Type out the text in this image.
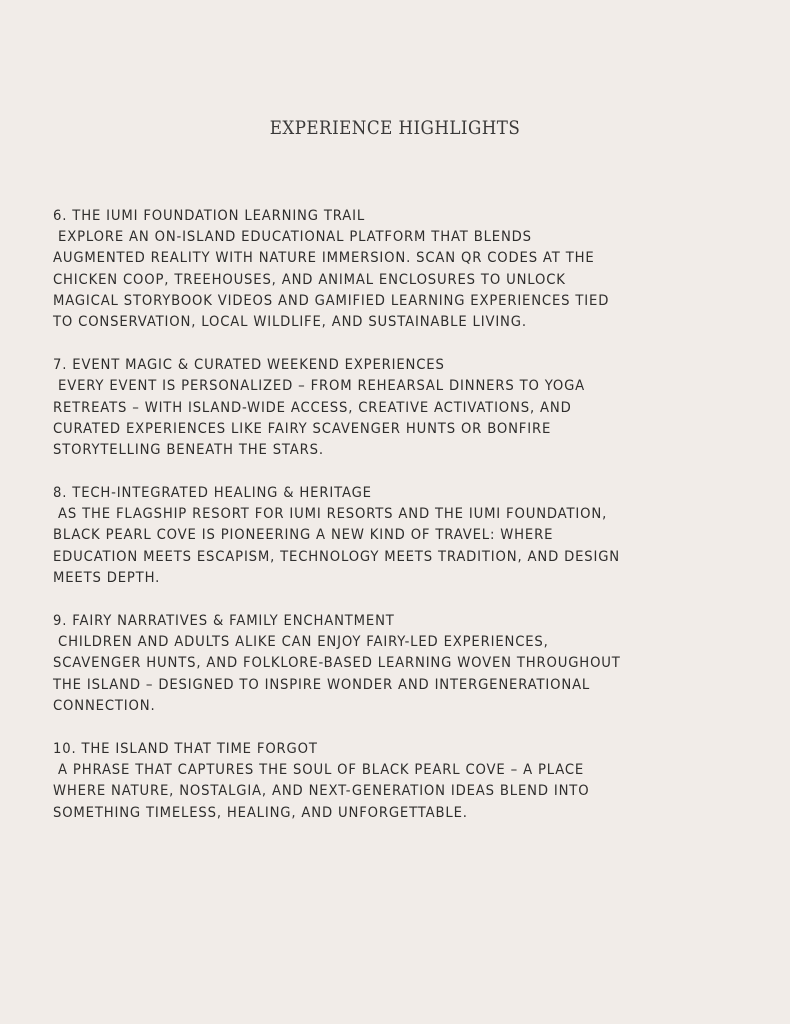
EXPERIENCE HIGHLIGHTS
6. THE IUMI FOUNDATION LEARNING TRAIL
EXPLORE AN ON-ISLAND EDUCATIONAL PLATFORM THAT BLENDS
AUGMENTED REALITY WITH NATURE IMMERSION. SCAN QR CODES AT THE
CHICKEN COOP, TREEHOUSES, AND ANIMAL ENCLOSURES TO UNLOCK
MAGICAL STORYBOOK VIDEOS AND GAMIFIED LEARNING EXPERIENCES TIED
TO CONSERVATION, LOCAL WILDLIFE, AND SUSTAINABLE LIVING.
7. EVENT MAGIC & CURATED WEEKEND EXPERIENCES
EVERY EVENT IS PERSONALIZED – FROM REHEARSAL DINNERS TO YOGA
RETREATS – WITH ISLAND-WIDE ACCESS, CREATIVE ACTIVATIONS, AND
CURATED EXPERIENCES LIKE FAIRY SCAVENGER HUNTS OR BONFIRE
STORYTELLING BENEATH THE STARS.
8. TECH-INTEGRATED HEALING & HERITAGE
AS THE FLAGSHIP RESORT FOR IUMI RESORTS AND THE IUMI FOUNDATION,
BLACK PEARL COVE IS PIONEERING A NEW KIND OF TRAVEL: WHERE
EDUCATION MEETS ESCAPISM, TECHNOLOGY MEETS TRADITION, AND DESIGN
MEETS DEPTH.
9. FAIRY NARRATIVES & FAMILY ENCHANTMENT
CHILDREN AND ADULTS ALIKE CAN ENJOY FAIRY-LED EXPERIENCES,
SCAVENGER HUNTS, AND FOLKLORE-BASED LEARNING WOVEN THROUGHOUT
THE ISLAND – DESIGNED TO INSPIRE WONDER AND INTERGENERATIONAL
CONNECTION.
10. THE ISLAND THAT TIME FORGOT
A PHRASE THAT CAPTURES THE SOUL OF BLACK PEARL COVE – A PLACE
WHERE NATURE, NOSTALGIA, AND NEXT-GENERATION IDEAS BLEND INTO
SOMETHING TIMELESS, HEALING, AND UNFORGETTABLE.
